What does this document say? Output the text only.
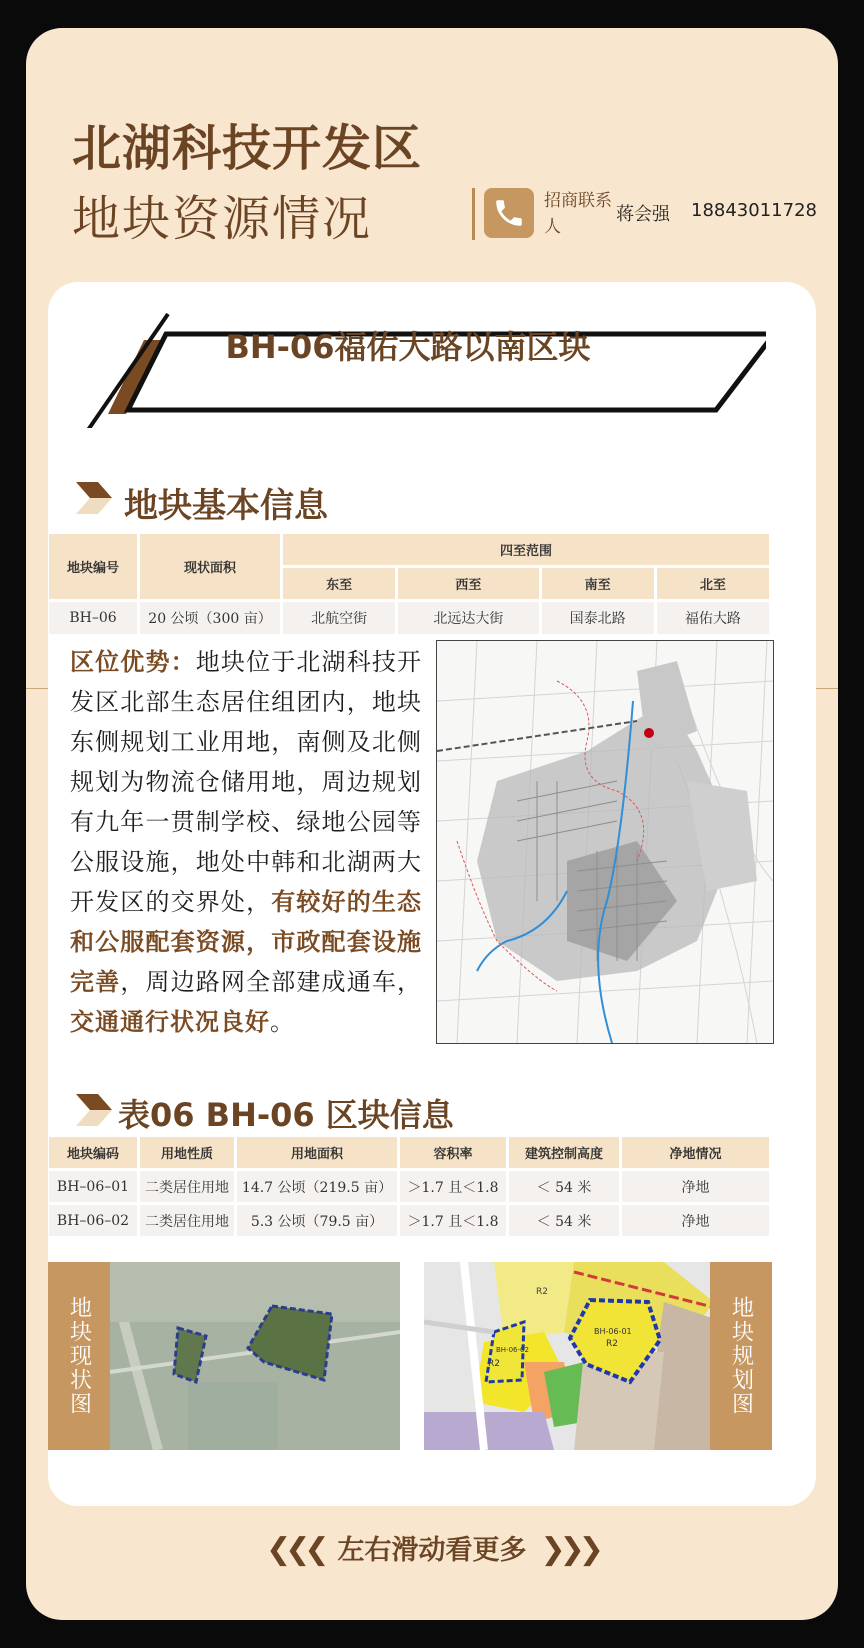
北湖科技开发区
地块资源情况	招商联系人
蒋会强 18843011728
BH-06福佑大路以南区块
地块基本信息
地块编号	现状面积	四至范围			
		东至	西至	南至	北至
BH–06	20 公顷（300 亩）	北航空街	北远达大街	国泰北路	福佑大路
区位优势：地块位于北湖科技开发区北部生态居住组团内，地块东侧规划工业用地，南侧及北侧规划为物流仓储用地，周边规划有九年一贯制学校、绿地公园等公服设施，地处中韩和北湖两大开发区的交界处，有较好的生态和公服配套资源，市政配套设施完善，周边路网全部建成通车，交通通行状况良好。
表06 BH-06 区块信息
地块编码	用地性质	用地面积	容积率	建筑控制高度	净地情况
BH–06–01	二类居住用地	14.7 公顷（219.5 亩）	＞1.7 且＜1.8	＜ 54 米	净地
BH–06–02	二类居住用地	5.3 公顷（79.5 亩）	＞1.7 且＜1.8	＜ 54 米	净地
地块现状图
R2
BH-06-01
R2
R2
BH-06-02	地块规划图
❮❮❮ 左右滑动看更多 ❯❯❯
